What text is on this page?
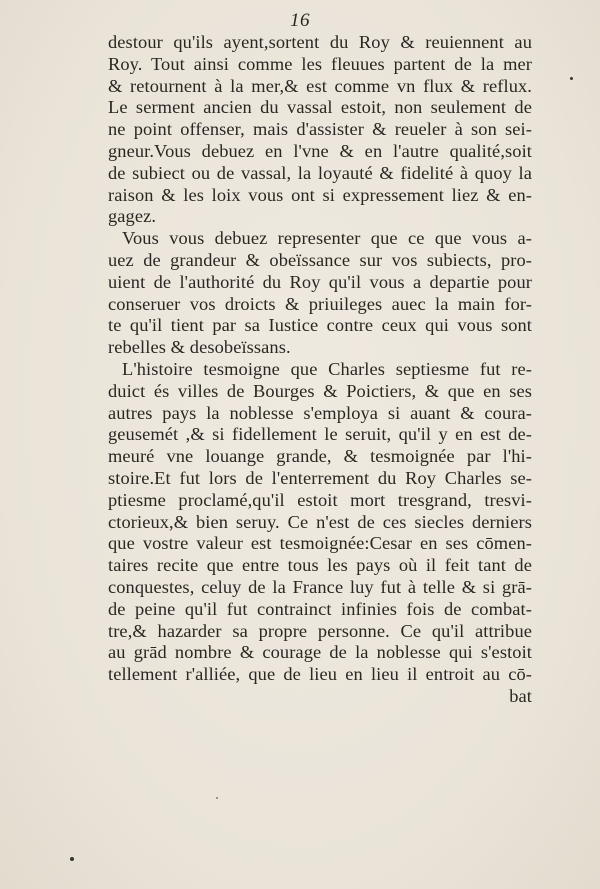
16
destour qu'ils ayent,sortent du Roy & reuiennent au
Roy. Tout ainsi comme les fleuues partent de la mer
& retournent à la mer,& est comme vn flux & reflux.
Le serment ancien du vassal estoit, non seulement de
ne point offenser, mais d'assister & reueler à son sei-
gneur.Vous debuez en l'vne & en l'autre qualité,soit
de subiect ou de vassal, la loyauté & fidelité à quoy la
raison & les loix vous ont si expressement liez & en-
gagez.
Vous vous debuez representer que ce que vous a-
uez de grandeur & obeïssance sur vos subiects, pro-
uient de l'authorité du Roy qu'il vous a departie pour
conseruer vos droicts & priuileges auec la main for-
te qu'il tient par sa Iustice contre ceux qui vous sont
rebelles & desobeïssans.
L'histoire tesmoigne que Charles septiesme fut re-
duict és villes de Bourges & Poictiers, & que en ses
autres pays la noblesse s'employa si auant & coura-
geusemét ,& si fidellement le seruit, qu'il y en est de-
meuré vne louange grande, & tesmoignée par l'hi-
stoire.Et fut lors de l'enterrement du Roy Charles se-
ptiesme proclamé,qu'il estoit mort tresgrand, tresvi-
ctorieux,& bien seruy. Ce n'est de ces siecles derniers
que vostre valeur est tesmoignée:Cesar en ses cōmen-
taires recite que entre tous les pays où il feit tant de
conquestes, celuy de la France luy fut à telle & si grā-
de peine qu'il fut contrainct infinies fois de combat-
tre,& hazarder sa propre personne. Ce qu'il attribue
au grād nombre & courage de la noblesse qui s'estoit
tellement r'alliée, que de lieu en lieu il entroit au cō-
bat
